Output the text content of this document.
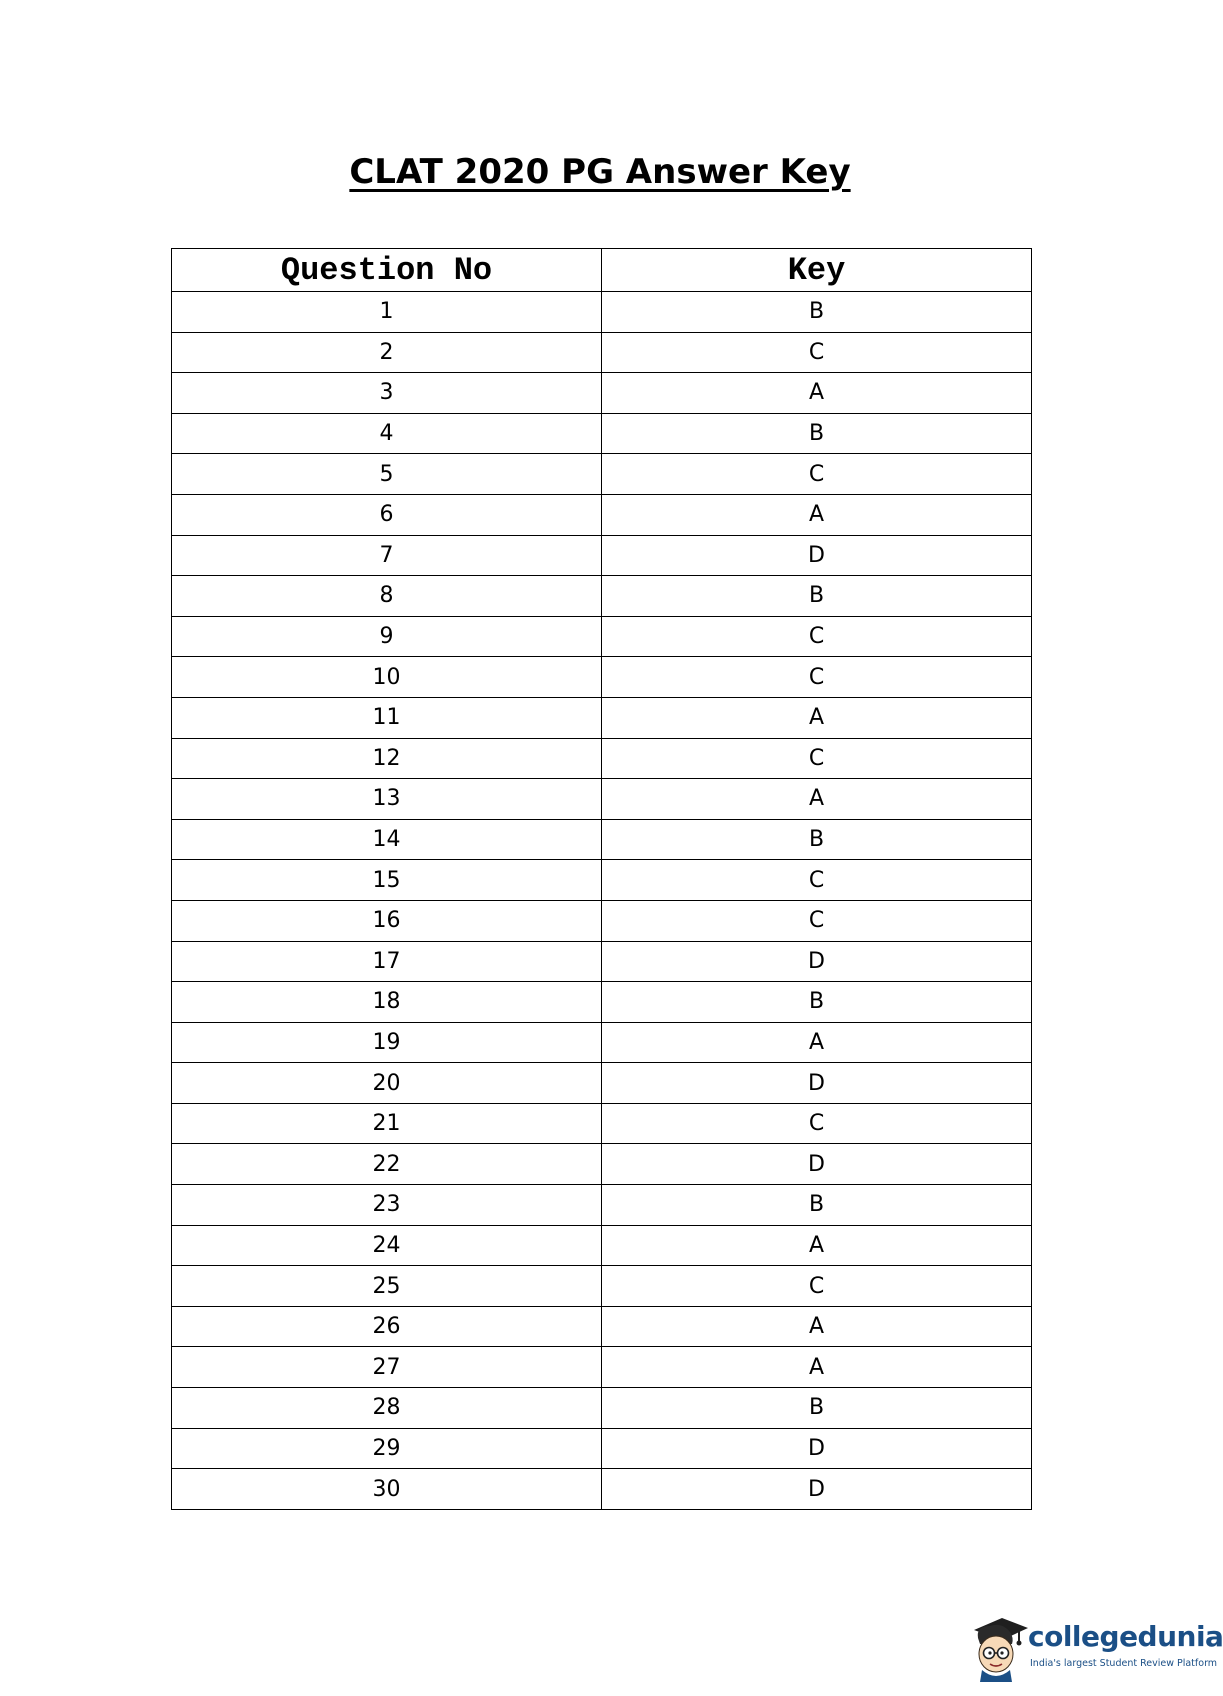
CLAT 2020 PG Answer Key
Question No	Key
1	B
2	C
3	A
4	B
5	C
6	A
7	D
8	B
9	C
10	C
11	A
12	C
13	A
14	B
15	C
16	C
17	D
18	B
19	A
20	D
21	C
22	D
23	B
24	A
25	C
26	A
27	A
28	B
29	D
30	D
collegedunia
India's largest Student Review Platform
